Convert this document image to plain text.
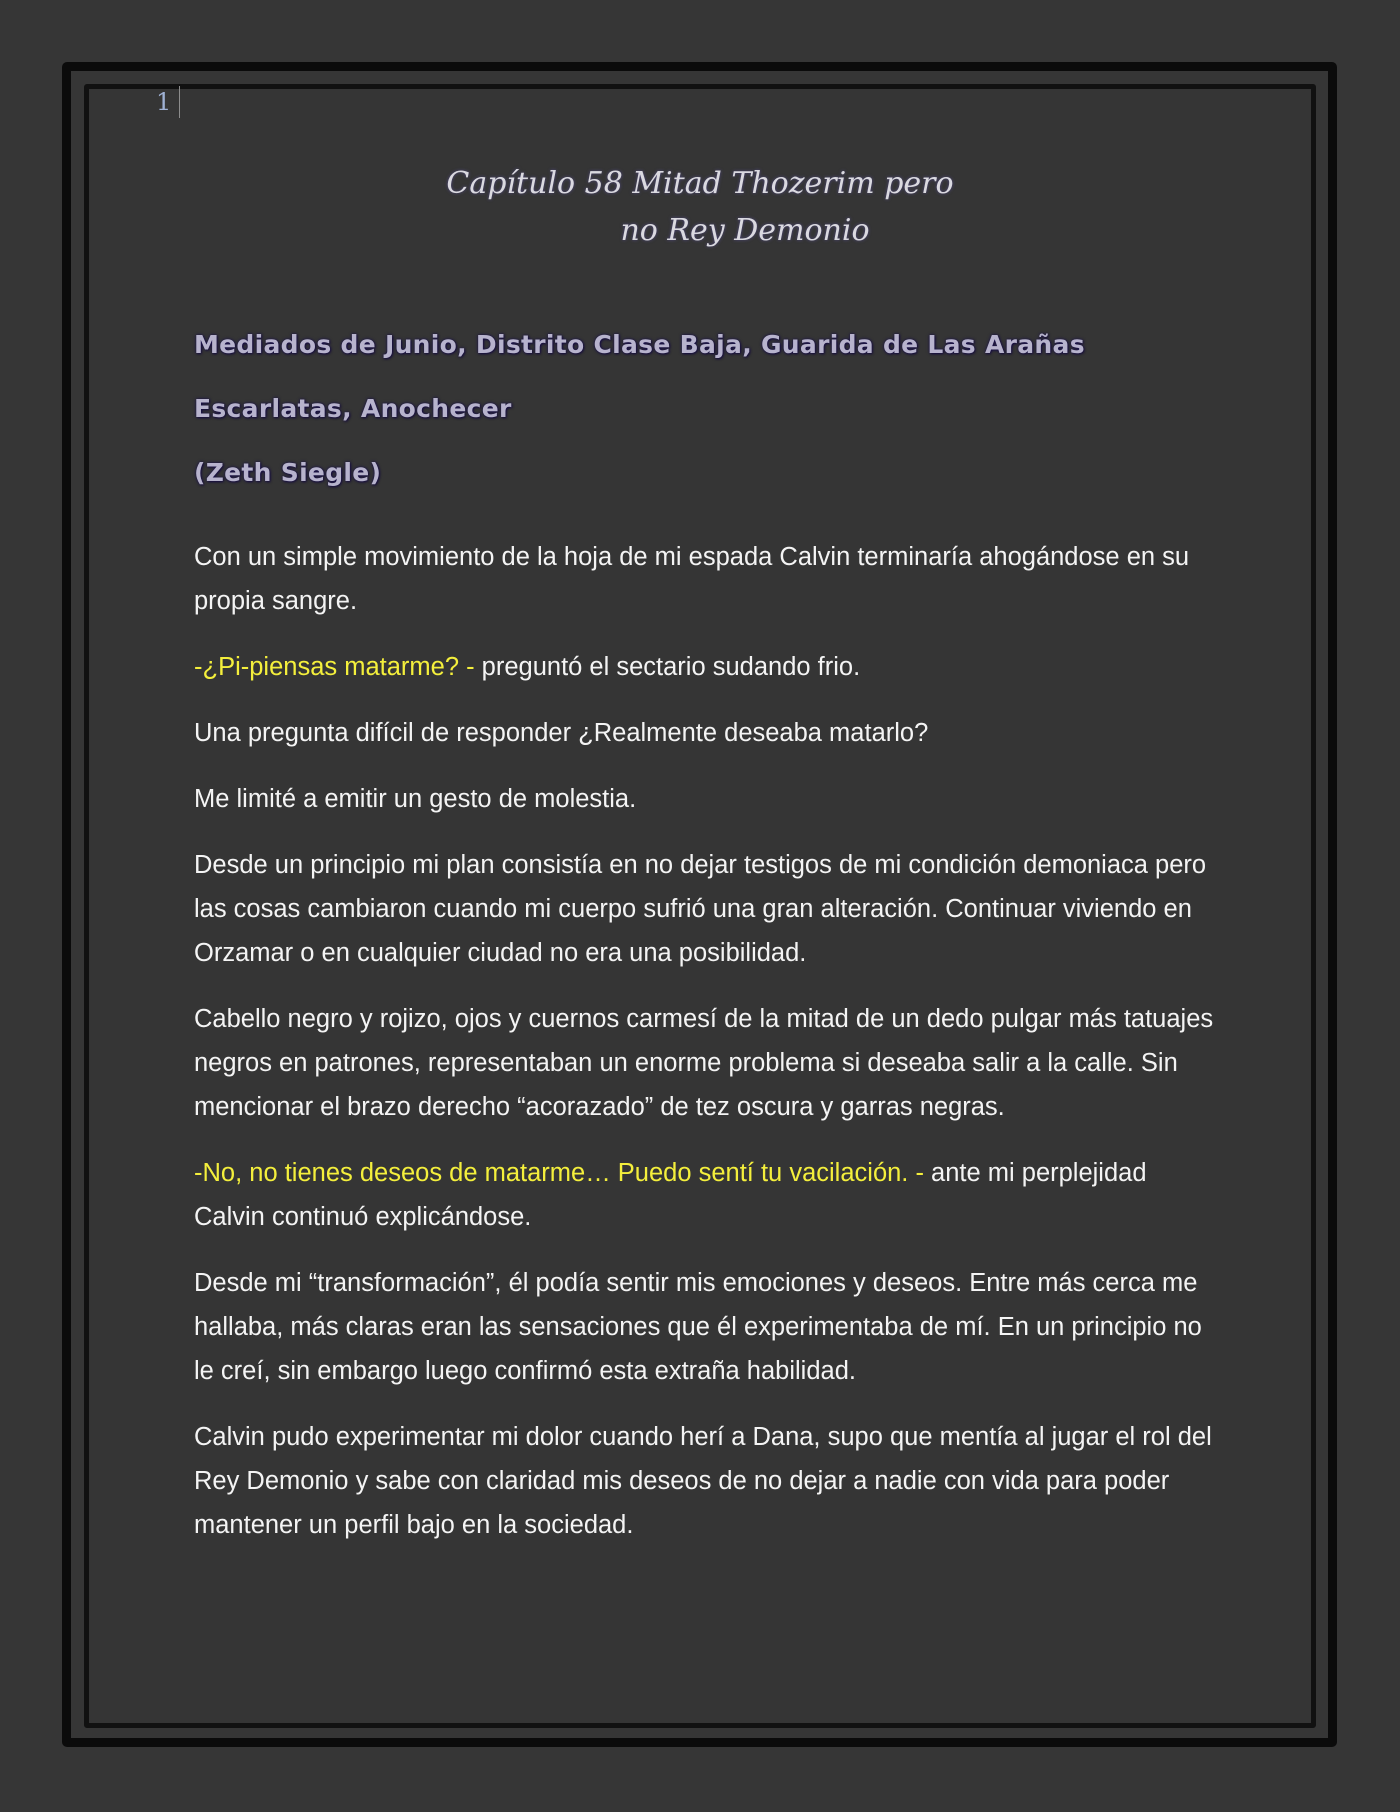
1
Capítulo 58 Mitad Thozerim pero
no Rey Demonio

Mediados de Junio, Distrito Clase Baja, Guarida de Las Arañas

Escarlatas, Anochecer

(Zeth Siegle)

Con un simple movimiento de la hoja de mi espada Calvin terminaría ahogándose en su propia sangre.

-¿Pi-piensas matarme? - preguntó el sectario sudando frio.

Una pregunta difícil de responder ¿Realmente deseaba matarlo?

Me limité a emitir un gesto de molestia.

Desde un principio mi plan consistía en no dejar testigos de mi condición demoniaca pero las cosas cambiaron cuando mi cuerpo sufrió una gran alteración. Continuar viviendo en Orzamar o en cualquier ciudad no era una posibilidad.

Cabello negro y rojizo, ojos y cuernos carmesí de la mitad de un dedo pulgar más tatuajes negros en patrones, representaban un enorme problema si deseaba salir a la calle. Sin mencionar el brazo derecho “acorazado” de tez oscura y garras negras.

-No, no tienes deseos de matarme… Puedo sentí tu vacilación. - ante mi perplejidad Calvin continuó explicándose.

Desde mi “transformación”, él podía sentir mis emociones y deseos. Entre más cerca me hallaba, más claras eran las sensaciones que él experimentaba de mí. En un principio no le creí, sin embargo luego confirmó esta extraña habilidad.

Calvin pudo experimentar mi dolor cuando herí a Dana, supo que mentía al jugar el rol del Rey Demonio y sabe con claridad mis deseos de no dejar a nadie con vida para poder mantener un perfil bajo en la sociedad.
